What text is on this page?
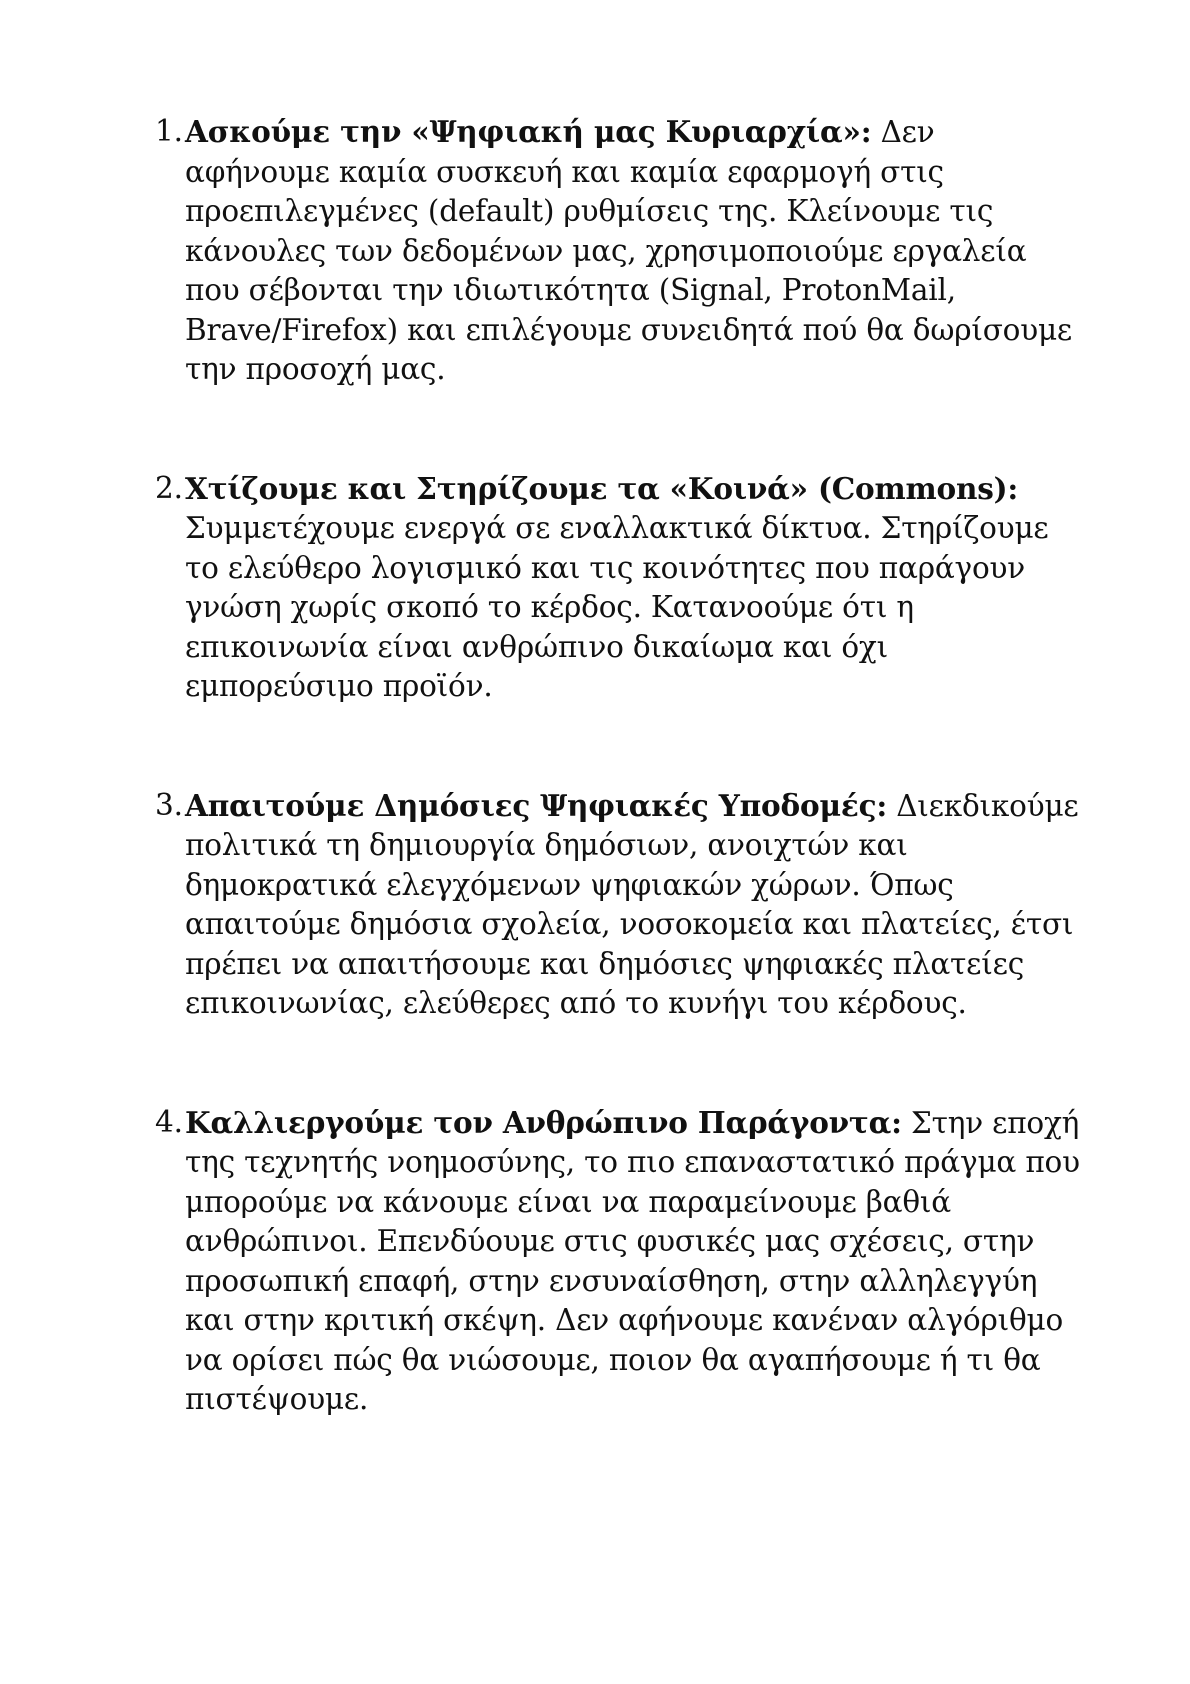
1. Ασκούμε την «Ψηφιακή μας Κυριαρχία»: Δεν αφήνουμε καμία συσκευή και καμία εφαρμογή στις προεπιλεγμένες (default) ρυθμίσεις της. Κλείνουμε τις κάνουλες των δεδομένων μας, χρησιμοποιούμε εργαλεία που σέβονται την ιδιωτικότητα (Signal, ProtonMail, Brave/Firefox) και επιλέγουμε συνειδητά πού θα δωρίσουμε την προσοχή μας.
2. Χτίζουμε και Στηρίζουμε τα «Κοινά» (Commons): Συμμετέχουμε ενεργά σε εναλλακτικά δίκτυα. Στηρίζουμε το ελεύθερο λογισμικό και τις κοινότητες που παράγουν γνώση χωρίς σκοπό το κέρδος. Κατανοούμε ότι η επικοινωνία είναι ανθρώπινο δικαίωμα και όχι εμπορεύσιμο προϊόν.
3. Απαιτούμε Δημόσιες Ψηφιακές Υποδομές: Διεκδικούμε πολιτικά τη δημιουργία δημόσιων, ανοιχτών και δημοκρατικά ελεγχόμενων ψηφιακών χώρων. Όπως απαιτούμε δημόσια σχολεία, νοσοκομεία και πλατείες, έτσι πρέπει να απαιτήσουμε και δημόσιες ψηφιακές πλατείες επικοινωνίας, ελεύθερες από το κυνήγι του κέρδους.
4. Καλλιεργούμε τον Ανθρώπινο Παράγοντα: Στην εποχή της τεχνητής νοημοσύνης, το πιο επαναστατικό πράγμα που μπορούμε να κάνουμε είναι να παραμείνουμε βαθιά ανθρώπινοι. Επενδύουμε στις φυσικές μας σχέσεις, στην προσωπική επαφή, στην ενσυναίσθηση, στην αλληλεγγύη και στην κριτική σκέψη. Δεν αφήνουμε κανέναν αλγόριθμο να ορίσει πώς θα νιώσουμε, ποιον θα αγαπήσουμε ή τι θα πιστέψουμε.
